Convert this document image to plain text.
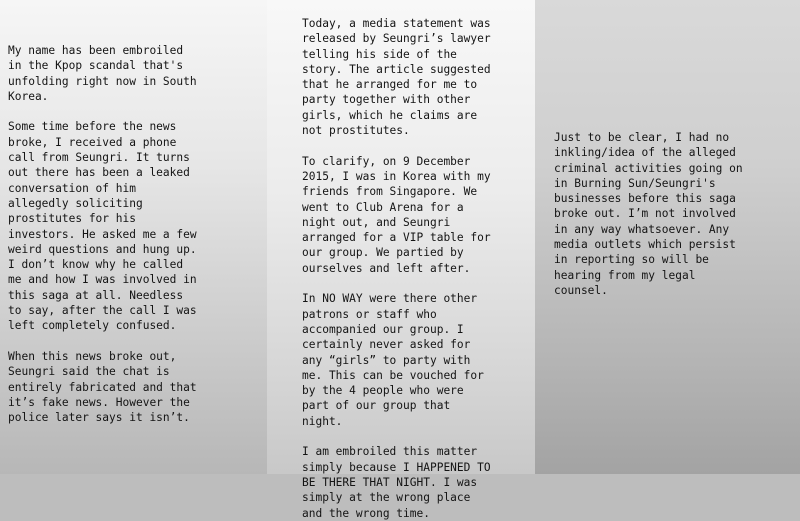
My name has been embroiled
in the Kpop scandal that's
unfolding right now in South
Korea.

Some time before the news
broke, I received a phone
call from Seungri. It turns
out there has been a leaked
conversation of him
allegedly soliciting
prostitutes for his
investors. He asked me a few
weird questions and hung up.
I don’t know why he called
me and how I was involved in
this saga at all. Needless
to say, after the call I was
left completely confused.

When this news broke out,
Seungri said the chat is
entirely fabricated and that
it’s fake news. However the
police later says it isn’t.

Today, a media statement was
released by Seungri’s lawyer
telling his side of the
story. The article suggested
that he arranged for me to
party together with other
girls, which he claims are
not prostitutes.

To clarify, on 9 December
2015, I was in Korea with my
friends from Singapore. We
went to Club Arena for a
night out, and Seungri
arranged for a VIP table for
our group. We partied by
ourselves and left after.

In NO WAY were there other
patrons or staff who
accompanied our group. I
certainly never asked for
any “girls” to party with
me. This can be vouched for
by the 4 people who were
part of our group that
night.

I am embroiled this matter
simply because I HAPPENED TO
BE THERE THAT NIGHT. I was
simply at the wrong place
and the wrong time.

Just to be clear, I had no
inkling/idea of the alleged
criminal activities going on
in Burning Sun/Seungri's
businesses before this saga
broke out. I’m not involved
in any way whatsoever. Any
media outlets which persist
in reporting so will be
hearing from my legal
counsel.
